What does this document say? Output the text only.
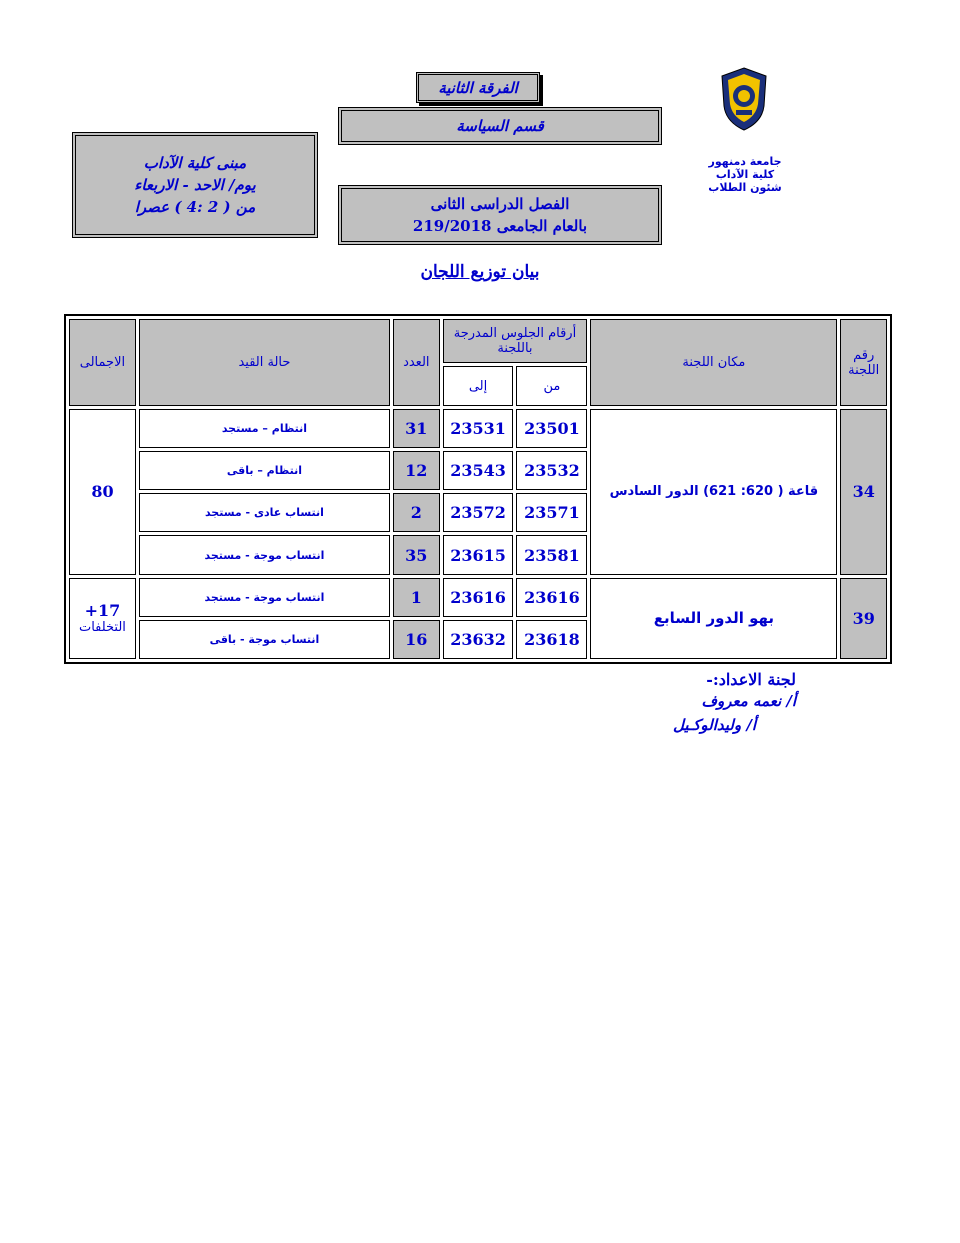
الفرقة الثانية
قسم السياسة
مبنى كلية الآداب
يوم/ الاحد - الاربعاء
من ( 2 :4 ) عصرا	الفصل الدراسى الثانى
بالعام الجامعى 219/2018
جامعة دمنهور
كلية الآداب
شئون الطلاب
بيان توزيع اللجان
رقم اللجنة	مكان اللجنة	أرقام الجلوس المدرجة باللجنة		العدد	حالة القيد	الاجمالى
		من	إلى			
34	قاعة ( 620: 621) الدور السادس	23501	23531	31	انتظام – مستجد	80
		23532	23543	12	انتظام – باقى	
		23571	23572	2	انتساب عادى - مستجد	
		23581	23615	35	انتساب موجة - مستجد	
39	بهو الدور السابع	23616	23616	1	انتساب موجة - مستجد	17+
التخلفات

		23618	23632	16	انتساب موجة - باقى	
لجنة الاعداد:-
أ/ نعمه معروف
أ/ وليدالوكـيل
